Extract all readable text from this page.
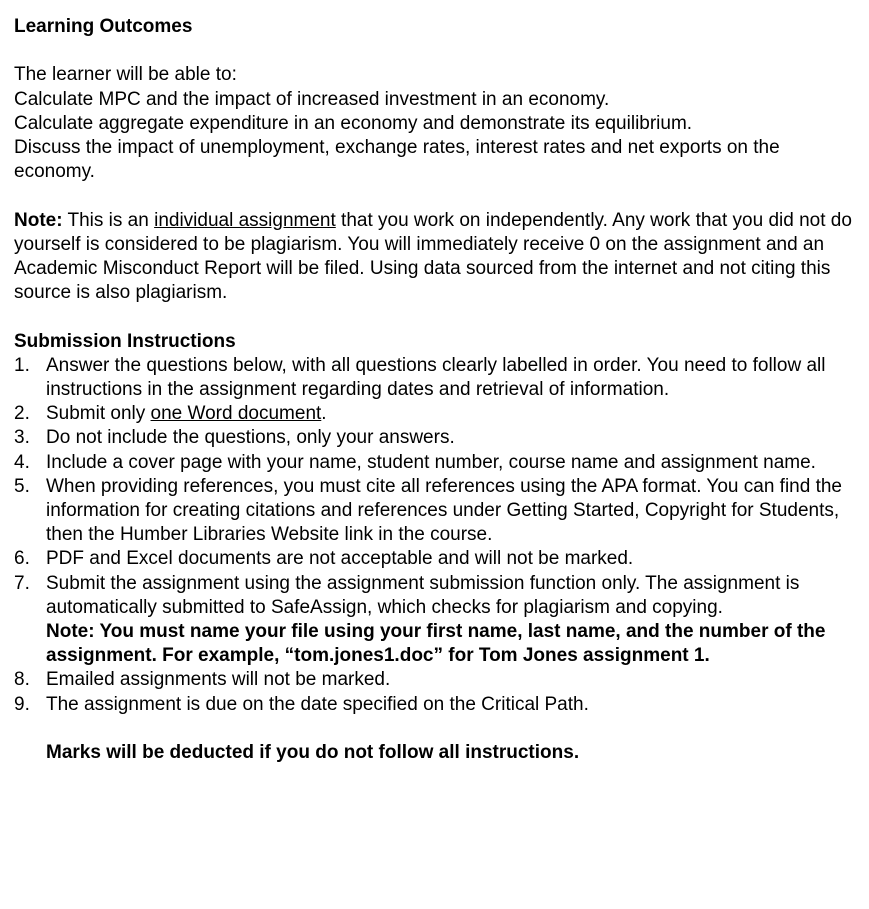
Learning Outcomes

The learner will be able to:

Calculate MPC and the impact of increased investment in an economy.

Calculate aggregate expenditure in an economy and demonstrate its equilibrium.

Discuss the impact of unemployment, exchange rates, interest rates and net exports on the economy.

Note: This is an individual assignment that you work on independently. Any work that you did not do yourself is considered to be plagiarism. You will immediately receive 0 on the assignment and an Academic Misconduct Report will be filed. Using data sourced from the internet and not citing this source is also plagiarism.

Submission Instructions

1. Answer the questions below, with all questions clearly labelled in order. You need to follow all instructions in the assignment regarding dates and retrieval of information.
2. Submit only one Word document.
3. Do not include the questions, only your answers.
4. Include a cover page with your name, student number, course name and assignment name.
5. When providing references, you must cite all references using the APA format. You can find the information for creating citations and references under Getting Started, Copyright for Students, then the Humber Libraries Website link in the course.
6. PDF and Excel documents are not acceptable and will not be marked.
7. Submit the assignment using the assignment submission function only. The assignment is automatically submitted to SafeAssign, which checks for plagiarism and copying.
Note: You must name your file using your first name, last name, and the number of the assignment. For example, “tom.jones1.doc” for Tom Jones assignment 1.
8. Emailed assignments will not be marked.
9. The assignment is due on the date specified on the Critical Path.

Marks will be deducted if you do not follow all instructions.
